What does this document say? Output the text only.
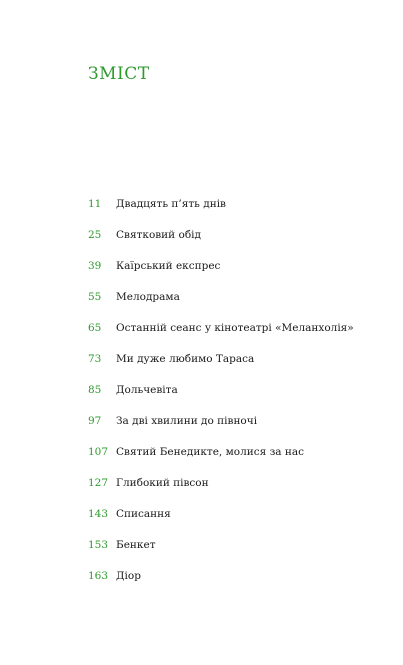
ЗМІСТ
11	Двадцять п’ять днів
25	Святковий обід
39	Каїрський експрес
55	Мелодрама
65	Останній сеанс у кінотеатрі «Меланхолія»
73	Ми дуже любимо Тараса
85	Дольчевіта
97	За дві хвилини до півночі
107 Святий Бенедикте, молися за нас
127 Глибокий півсон
143 Списання
153 Бенкет
163 Діор
